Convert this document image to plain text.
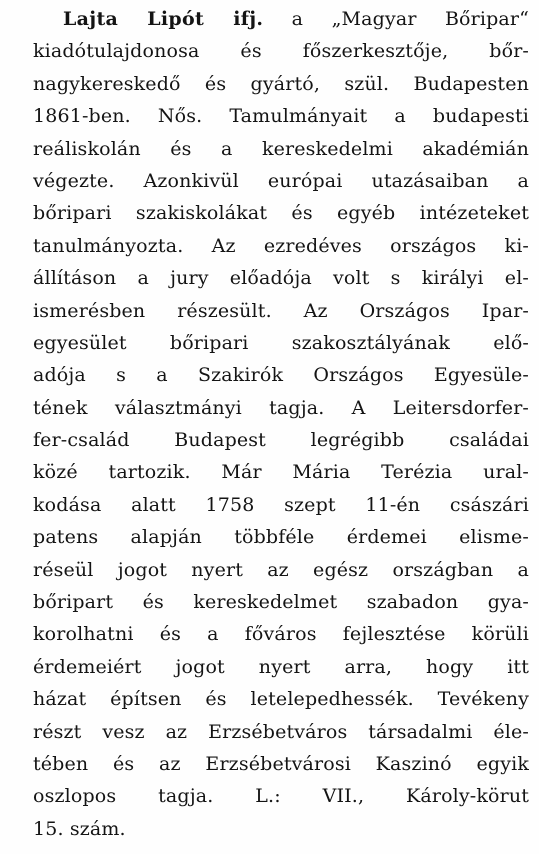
Lajta Lipót ifj. a „Magyar Bőripar“
kiadótulajdonosa és főszerkesztője, bőr-
nagykereskedő és gyártó, szül. Budapesten
1861-ben. Nős. Tamulmányait a budapesti
reáliskolán és a kereskedelmi akadémián
végezte. Azonkivül európai utazásaiban a
bőripari szakiskolákat és egyéb intézeteket
tanulmányozta. Az ezredéves országos ki-
állításon a jury előadója volt s királyi el-
ismerésben részesült. Az Országos Ipar-
egyesület bőripari szakosztályának elő-
adója s a Szakirók Országos Egyesüle-
tének választmányi tagja. A Leitersdorfer-
fer-család Budapest legrégibb családai
közé tartozik. Már Mária Terézia ural-
kodása alatt 1758 szept 11-én császári
patens alapján többféle érdemei elisme-
réseül jogot nyert az egész országban a
bőripart és kereskedelmet szabadon gya-
korolhatni és a főváros fejlesztése körüli
érdemeiért jogot nyert arra, hogy itt
házat építsen és letelepedhessék. Tevékeny
részt vesz az Erzsébetváros társadalmi éle-
tében és az Erzsébetvárosi Kaszinó egyik
oszlopos tagja. L.: VII., Károly-körut
15. szám.
